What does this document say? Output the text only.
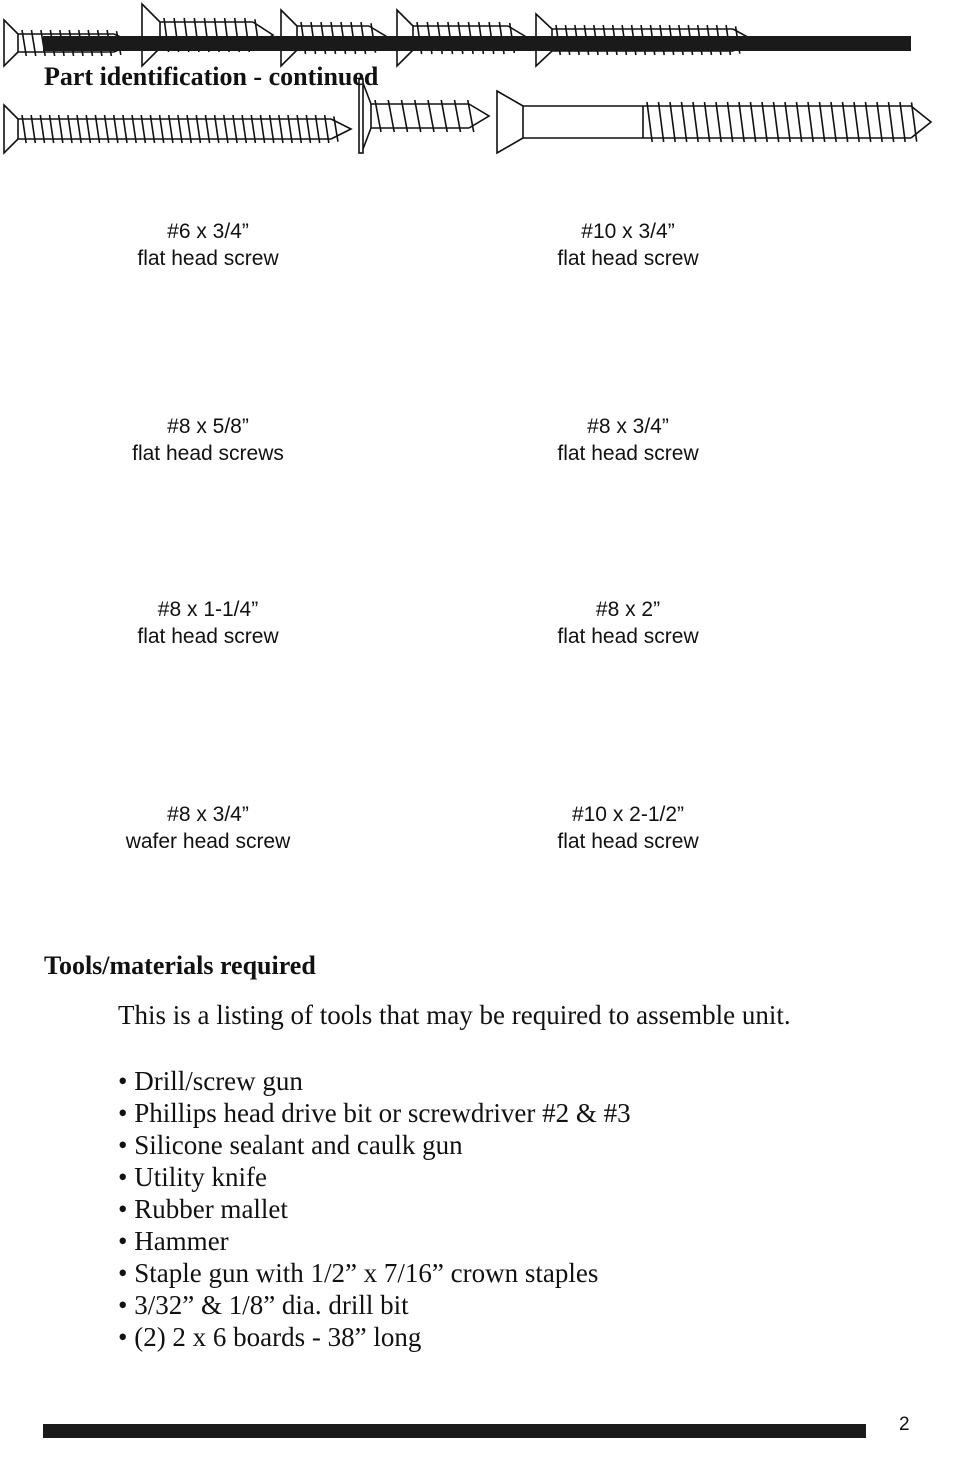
Part identification - continued
#6 x 3/4”
flat head screw
#10 x 3/4”
flat head screw
#8 x 5/8”
flat head screws
#8 x 3/4”
flat head screw
#8 x 1-1/4”
flat head screw
#8 x 2”
flat head screw
#8 x 3/4”
wafer head screw
#10 x 2-1/2”
flat head screw
Tools/materials required

This is a listing of tools that may be required to assemble unit.

• Drill/screw gun
• Phillips head drive bit or screwdriver #2 & #3
• Silicone sealant and caulk gun
• Utility knife
• Rubber mallet
• Hammer
• Staple gun with 1/2” x 7/16” crown staples
• 3/32” & 1/8” dia. drill bit
• (2) 2 x 6 boards - 38” long
2
